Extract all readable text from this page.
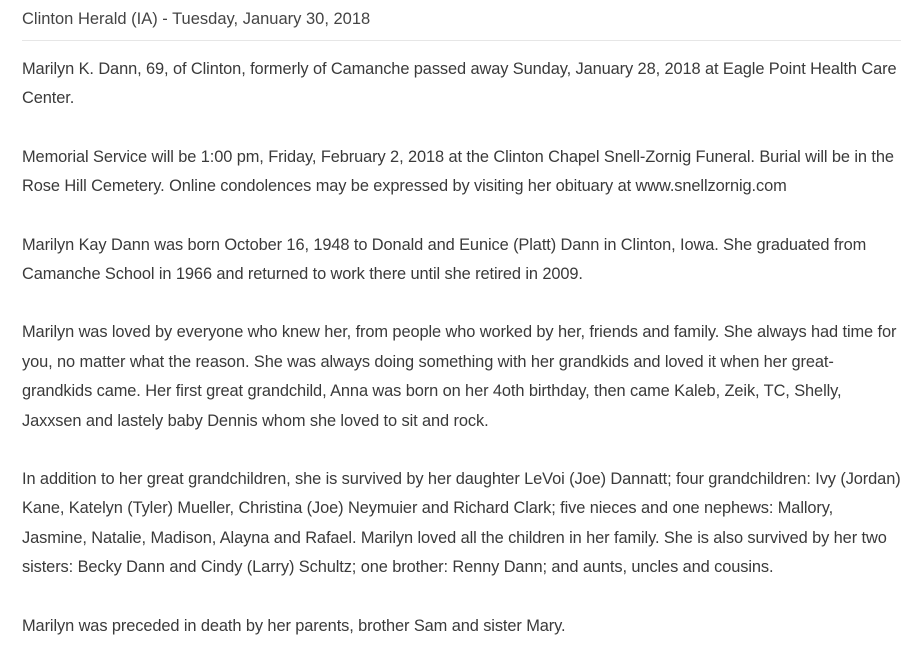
Clinton Herald (IA) - Tuesday, January 30, 2018

Marilyn K. Dann, 69, of Clinton, formerly of Camanche passed away Sunday, January 28, 2018 at Eagle Point Health Care Center.

Memorial Service will be 1:00 pm, Friday, February 2, 2018 at the Clinton Chapel Snell-Zornig Funeral. Burial will be in the Rose Hill Cemetery. Online condolences may be expressed by visiting her obituary at www.snellzornig.com

Marilyn Kay Dann was born October 16, 1948 to Donald and Eunice (Platt) Dann in Clinton, Iowa. She graduated from Camanche School in 1966 and returned to work there until she retired in 2009.

Marilyn was loved by everyone who knew her, from people who worked by her, friends and family. She always had time for you, no matter what the reason. She was always doing something with her grandkids and loved it when her great-grandkids came. Her first great grandchild, Anna was born on her 4oth birthday, then came Kaleb, Zeik, TC, Shelly, Jaxxsen and lastely baby Dennis whom she loved to sit and rock.

In addition to her great grandchildren, she is survived by her daughter LeVoi (Joe) Dannatt; four grandchildren: Ivy (Jordan) Kane, Katelyn (Tyler) Mueller, Christina (Joe) Neymuier and Richard Clark; five nieces and one nephews: Mallory, Jasmine, Natalie, Madison, Alayna and Rafael. Marilyn loved all the children in her family. She is also survived by her two sisters: Becky Dann and Cindy (Larry) Schultz; one brother: Renny Dann; and aunts, uncles and cousins.

Marilyn was preceded in death by her parents, brother Sam and sister Mary.
